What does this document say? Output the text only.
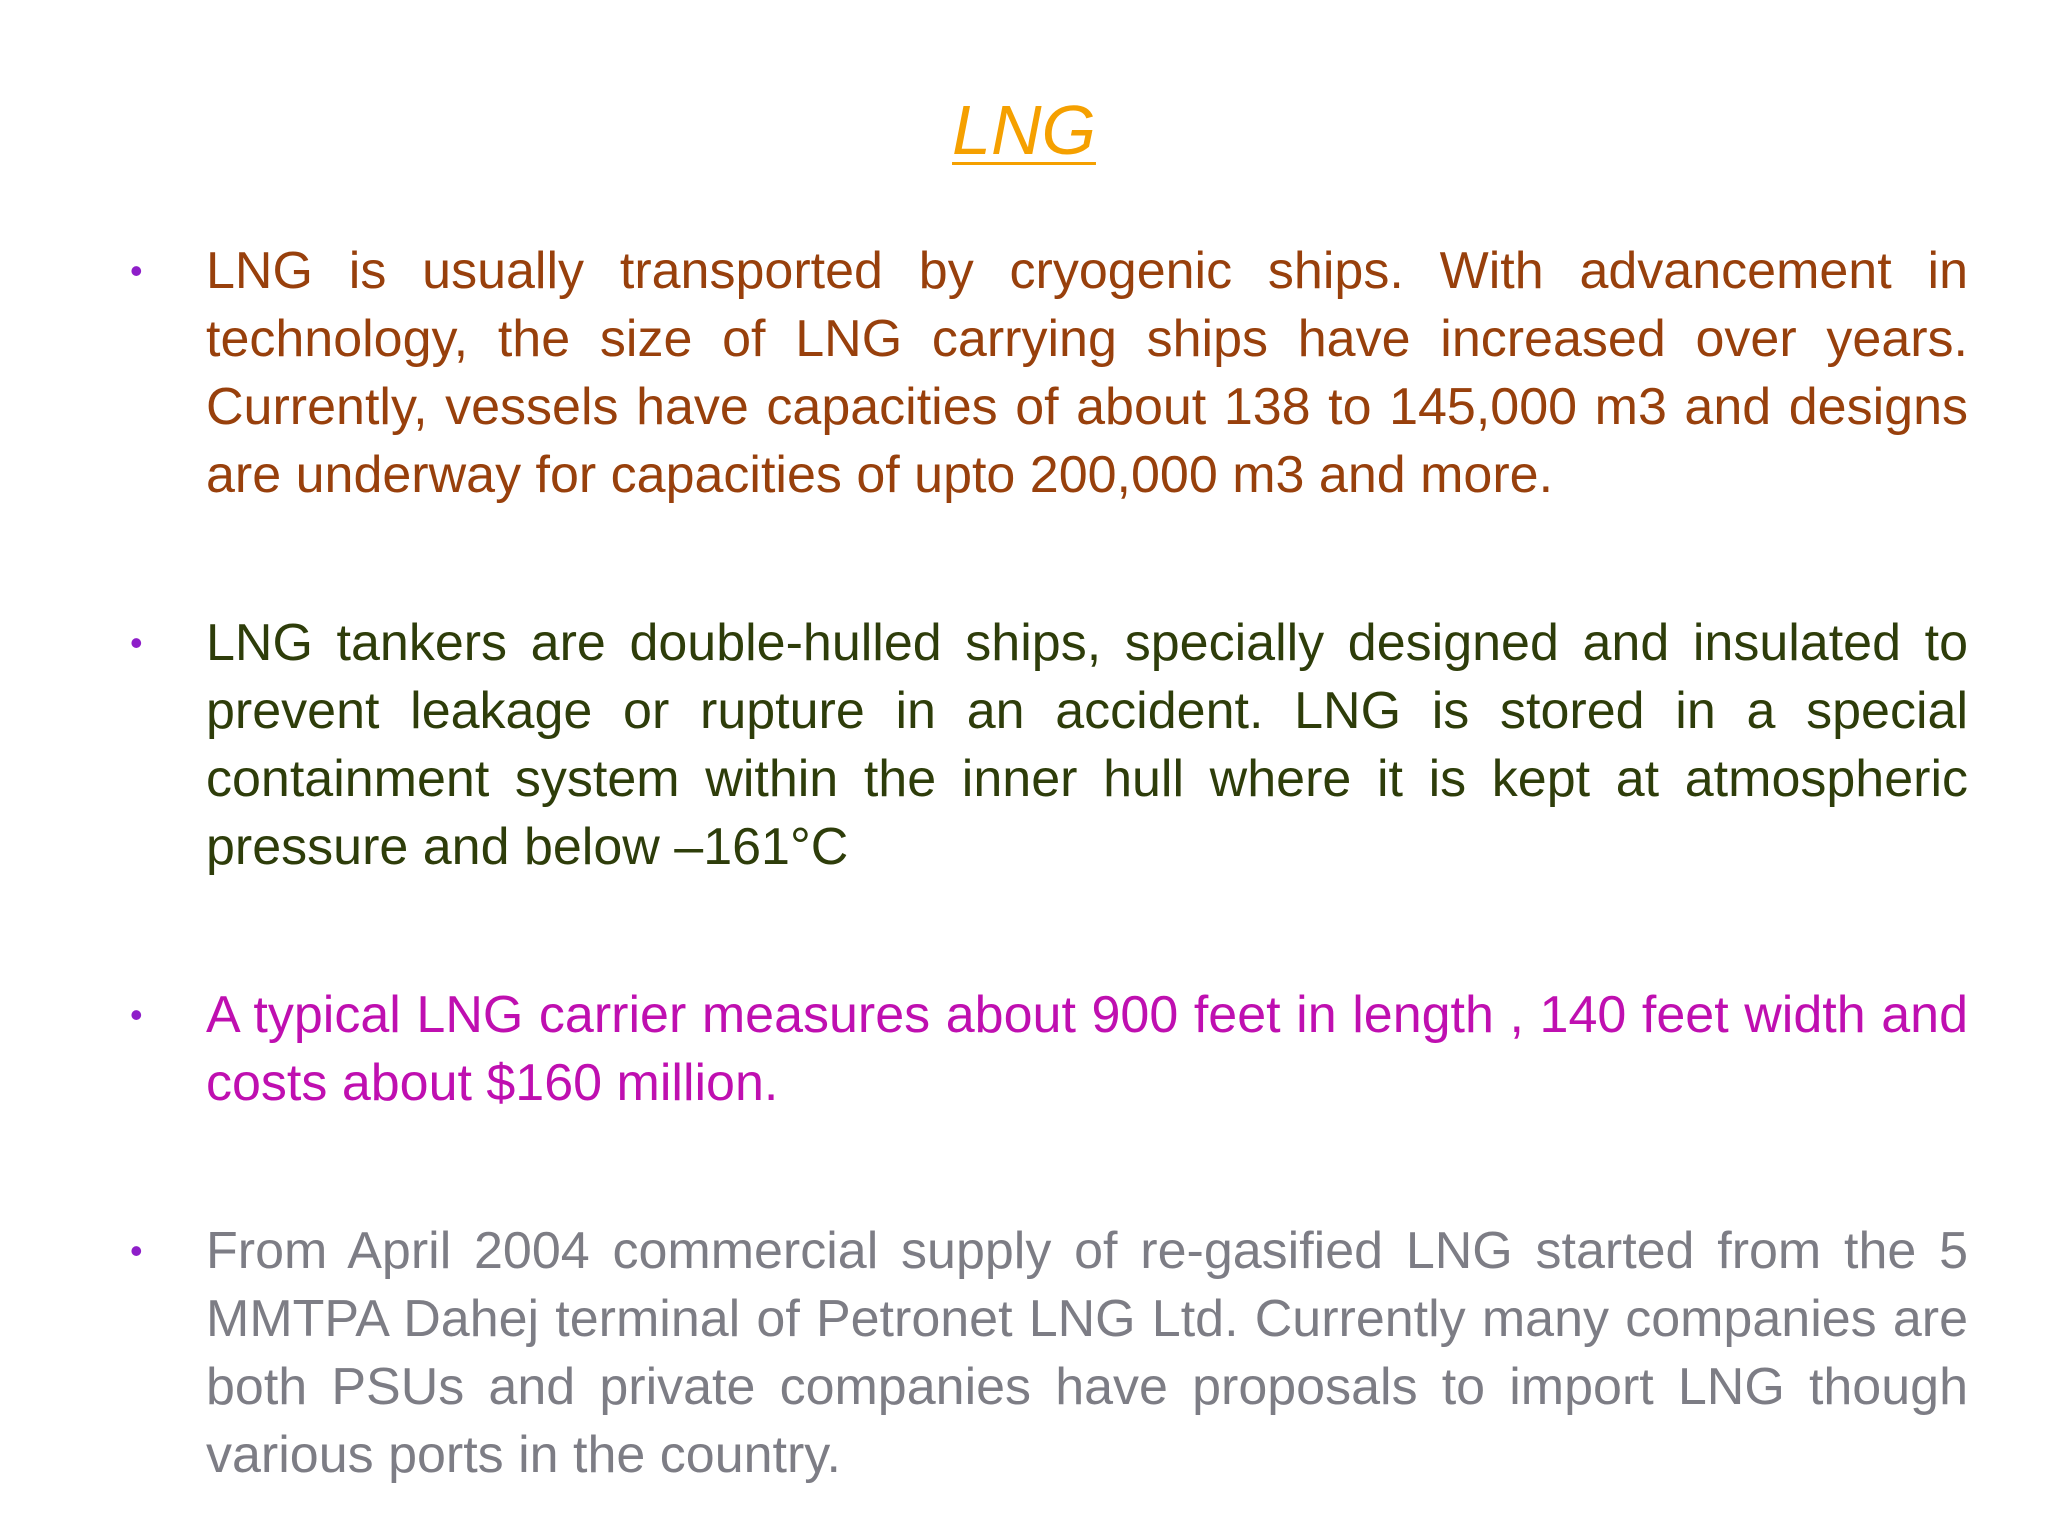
LNG
• LNG is usually transported by cryogenic ships. With advancement in technology, the size of LNG carrying ships have increased over years. Currently, vessels have capacities of about 138 to 145,000 m3 and designs are underway for capacities of upto 200,000 m3 and more.
• LNG tankers are double-hulled ships, specially designed and insulated to prevent leakage or rupture in an accident. LNG is stored in a special containment system within the inner hull where it is kept at atmospheric pressure and below –161°C
• A typical LNG carrier measures about 900 feet in length , 140 feet width and costs about $160 million.
• From April 2004 commercial supply of re-gasified LNG started from the 5 MMTPA Dahej terminal of Petronet LNG Ltd. Currently many companies are both PSUs and private companies have proposals to import LNG though various ports in the country.
